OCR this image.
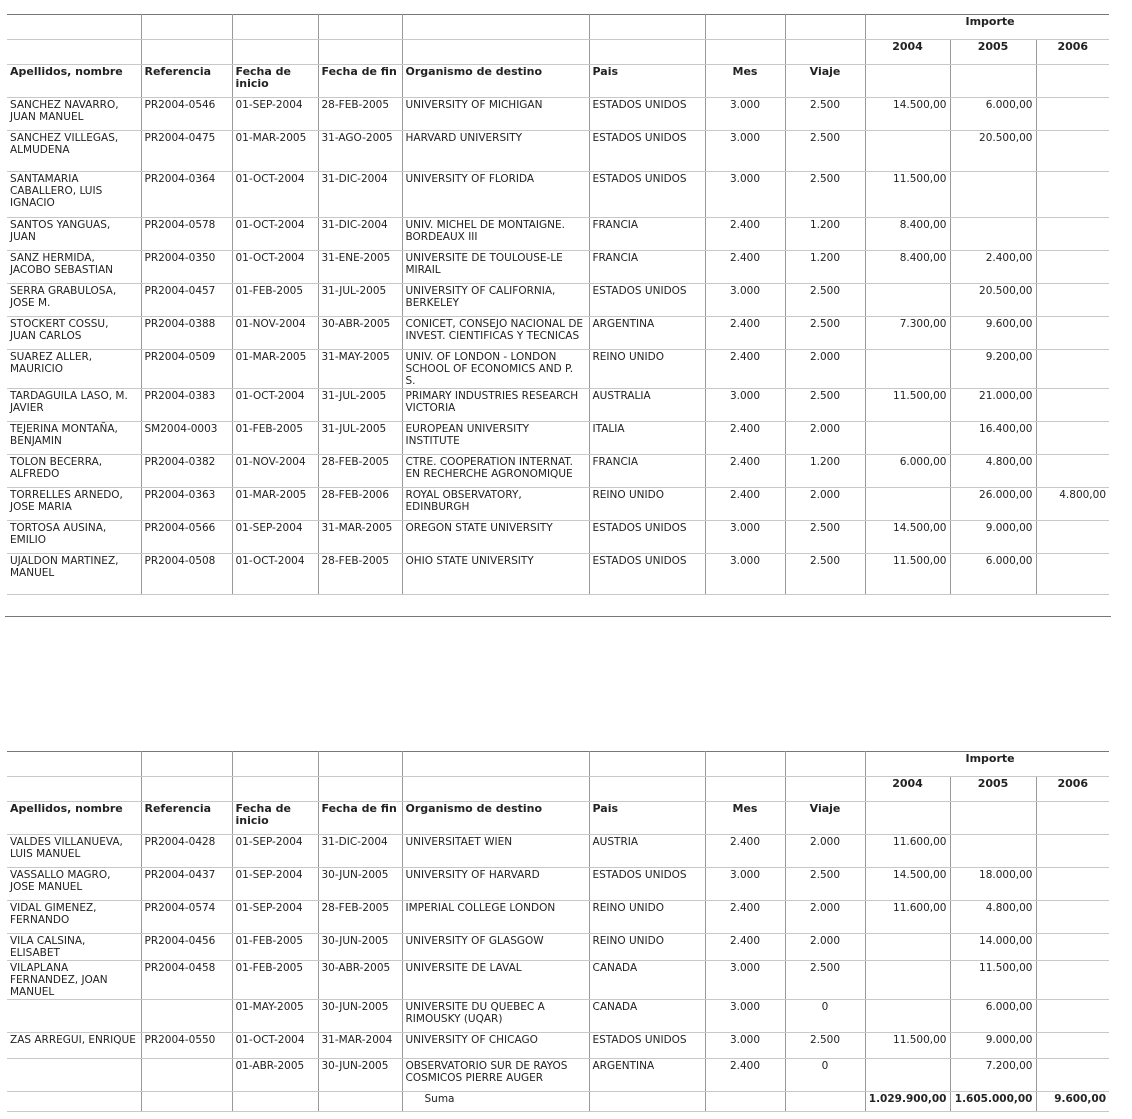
								Importe		
								2004	2005	2006
Apellidos, nombre	Referencia	Fecha de inicio	Fecha de fin	Organismo de destino	Pais	Mes	Viaje			
SANCHEZ NAVARRO, JUAN MANUEL	PR2004-0546	01-SEP-2004	28-FEB-2005	UNIVERSITY OF MICHIGAN	ESTADOS UNIDOS	3.000	2.500	14.500,00	6.000,00	
SANCHEZ VILLEGAS, ALMUDENA	PR2004-0475	01-MAR-2005	31-AGO-2005	HARVARD UNIVERSITY	ESTADOS UNIDOS	3.000	2.500		20.500,00	
SANTAMARIA CABALLERO, LUIS IGNACIO	PR2004-0364	01-OCT-2004	31-DIC-2004	UNIVERSITY OF FLORIDA	ESTADOS UNIDOS	3.000	2.500	11.500,00		
SANTOS YANGUAS, JUAN	PR2004-0578	01-OCT-2004	31-DIC-2004	UNIV. MICHEL DE MONTAIGNE. BORDEAUX III	FRANCIA	2.400	1.200	8.400,00		
SANZ HERMIDA, JACOBO SEBASTIAN	PR2004-0350	01-OCT-2004	31-ENE-2005	UNIVERSITE DE TOULOUSE-LE MIRAIL	FRANCIA	2.400	1.200	8.400,00	2.400,00	
SERRA GRABULOSA, JOSE M.	PR2004-0457	01-FEB-2005	31-JUL-2005	UNIVERSITY OF CALIFORNIA, BERKELEY	ESTADOS UNIDOS	3.000	2.500		20.500,00	
STOCKERT COSSU, JUAN CARLOS	PR2004-0388	01-NOV-2004	30-ABR-2005	CONICET, CONSEJO NACIONAL DE INVEST. CIENTIFICAS Y TECNICAS	ARGENTINA	2.400	2.500	7.300,00	9.600,00	
SUAREZ ALLER, MAURICIO	PR2004-0509	01-MAR-2005	31-MAY-2005	UNIV. OF LONDON - LONDON SCHOOL OF ECONOMICS AND P. S.	REINO UNIDO	2.400	2.000		9.200,00	
TARDAGUILA LASO, M. JAVIER	PR2004-0383	01-OCT-2004	31-JUL-2005	PRIMARY INDUSTRIES RESEARCH VICTORIA	AUSTRALIA	3.000	2.500	11.500,00	21.000,00	
TEJERINA MONTAÑA, BENJAMIN	SM2004-0003	01-FEB-2005	31-JUL-2005	EUROPEAN UNIVERSITY INSTITUTE	ITALIA	2.400	2.000		16.400,00	
TOLON BECERRA, ALFREDO	PR2004-0382	01-NOV-2004	28-FEB-2005	CTRE. COOPERATION INTERNAT. EN RECHERCHE AGRONOMIQUE	FRANCIA	2.400	1.200	6.000,00	4.800,00	
TORRELLES ARNEDO, JOSE MARIA	PR2004-0363	01-MAR-2005	28-FEB-2006	ROYAL OBSERVATORY, EDINBURGH	REINO UNIDO	2.400	2.000		26.000,00	4.800,00
TORTOSA AUSINA, EMILIO	PR2004-0566	01-SEP-2004	31-MAR-2005	OREGON STATE UNIVERSITY	ESTADOS UNIDOS	3.000	2.500	14.500,00	9.000,00	
UJALDON MARTINEZ, MANUEL	PR2004-0508	01-OCT-2004	28-FEB-2005	OHIO STATE UNIVERSITY	ESTADOS UNIDOS	3.000	2.500	11.500,00	6.000,00	
								Importe		
								2004	2005	2006
Apellidos, nombre	Referencia	Fecha de inicio	Fecha de fin	Organismo de destino	Pais	Mes	Viaje			
VALDES VILLANUEVA, LUIS MANUEL	PR2004-0428	01-SEP-2004	31-DIC-2004	UNIVERSITAET WIEN	AUSTRIA	2.400	2.000	11.600,00		
VASSALLO MAGRO, JOSE MANUEL	PR2004-0437	01-SEP-2004	30-JUN-2005	UNIVERSITY OF HARVARD	ESTADOS UNIDOS	3.000	2.500	14.500,00	18.000,00	
VIDAL GIMENEZ, FERNANDO	PR2004-0574	01-SEP-2004	28-FEB-2005	IMPERIAL COLLEGE LONDON	REINO UNIDO	2.400	2.000	11.600,00	4.800,00	
VILA CALSINA, ELISABET	PR2004-0456	01-FEB-2005	30-JUN-2005	UNIVERSITY OF GLASGOW	REINO UNIDO	2.400	2.000		14.000,00	
VILAPLANA FERNANDEZ, JOAN MANUEL	PR2004-0458	01-FEB-2005	30-ABR-2005	UNIVERSITE DE LAVAL	CANADA	3.000	2.500		11.500,00	
		01-MAY-2005	30-JUN-2005	UNIVERSITE DU QUEBEC A RIMOUSKY (UQAR)	CANADA	3.000	0		6.000,00	
ZAS ARREGUI, ENRIQUE	PR2004-0550	01-OCT-2004	31-MAR-2004	UNIVERSITY OF CHICAGO	ESTADOS UNIDOS	3.000	2.500	11.500,00	9.000,00	
		01-ABR-2005	30-JUN-2005	OBSERVATORIO SUR DE RAYOS COSMICOS PIERRE AUGER	ARGENTINA	2.400	0		7.200,00	
				Suma				1.029.900,00	1.605.000,00	9.600,00
